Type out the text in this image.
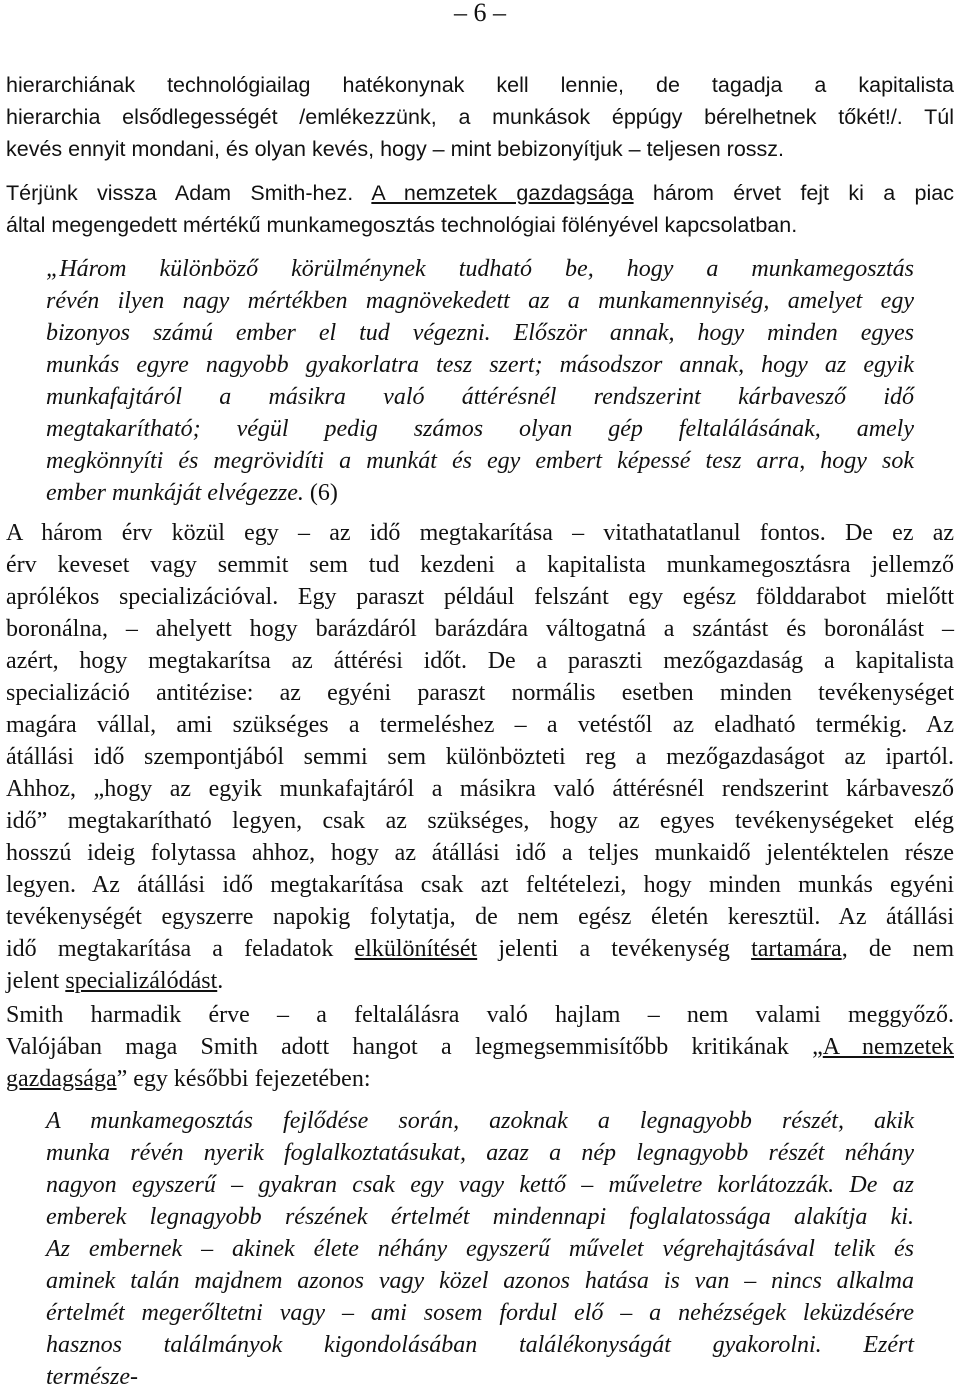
– 6 –
hierarchiának technológiailag hatékonynak kell lennie, de tagadja a kapitalista
hierarchia elsődlegességét /emlékezzünk, a munkások éppúgy bérelhetnek tőkét!/. Túl
kevés ennyit mondani, és olyan kevés, hogy – mint bebizonyítjuk – teljesen rossz.
Térjünk vissza Adam Smith-hez. A nemzetek gazdagsága három érvet fejt ki a piac
által megengedett mértékű munkamegosztás technológiai fölényével kapcsolatban.
„Három különböző körülménynek tudható be, hogy a munkamegosztás
révén ilyen nagy mértékben magnövekedett az a munkamennyiség, amelyet egy
bizonyos számú ember el tud végezni. Először annak, hogy minden egyes
munkás egyre nagyobb gyakorlatra tesz szert; másodszor annak, hogy az egyik
munkafajtáról a másikra való áttérésnél rendszerint kárbavesző idő
megtakarítható; végül pedig számos olyan gép feltalálásának, amely
megkönnyíti és megrövidíti a munkát és egy embert képessé tesz arra, hogy sok
ember munkáját elvégezze. (6)
A három érv közül egy – az idő megtakarítása – vitathatatlanul fontos. De ez az
érv keveset vagy semmit sem tud kezdeni a kapitalista munkamegosztásra jellemző
aprólékos specializációval. Egy paraszt például felszánt egy egész földdarabot mielőtt
boronálna, – ahelyett hogy barázdáról barázdára váltogatná a szántást és boronálást –
azért, hogy megtakarítsa az áttérési időt. De a paraszti mezőgazdaság a kapitalista
specializáció antitézise: az egyéni paraszt normális esetben minden tevékenységet
magára vállal, ami szükséges a termeléshez – a vetéstől az eladható termékig. Az
átállási idő szempontjából semmi sem különbözteti reg a mezőgazdaságot az ipartól.
Ahhoz, „hogy az egyik munkafajtáról a másikra való áttérésnél rendszerint kárbavesző
idő” megtakarítható legyen, csak az szükséges, hogy az egyes tevékenységeket elég
hosszú ideig folytassa ahhoz, hogy az átállási idő a teljes munkaidő jelentéktelen része
legyen. Az átállási idő megtakarítása csak azt feltételezi, hogy minden munkás egyéni
tevékenységét egyszerre napokig folytatja, de nem egész életén keresztül. Az átállási
idő megtakarítása a feladatok elkülönítését jelenti a tevékenység tartamára, de nem
jelent specializálódást.
Smith harmadik érve – a feltalálásra való hajlam – nem valami meggyőző.
Valójában maga Smith adott hangot a legmegsemmisítőbb kritikának „A nemzetek
gazdagsága” egy későbbi fejezetében:
A munkamegosztás fejlődése során, azoknak a legnagyobb részét, akik
munka révén nyerik foglalkoztatásukat, azaz a nép legnagyobb részét néhány
nagyon egyszerű – gyakran csak egy vagy kettő – műveletre korlátozzák. De az
emberek legnagyobb részének értelmét mindennapi foglalatossága alakítja ki.
Az embernek – akinek élete néhány egyszerű művelet végrehajtásával telik és
aminek talán majdnem azonos vagy közel azonos hatása is van – nincs alkalma
értelmét megerőltetni vagy – ami sosem fordul elő – a nehézségek leküzdésére
hasznos találmányok kigondolásában találékonyságát gyakorolni. Ezért
természe-
